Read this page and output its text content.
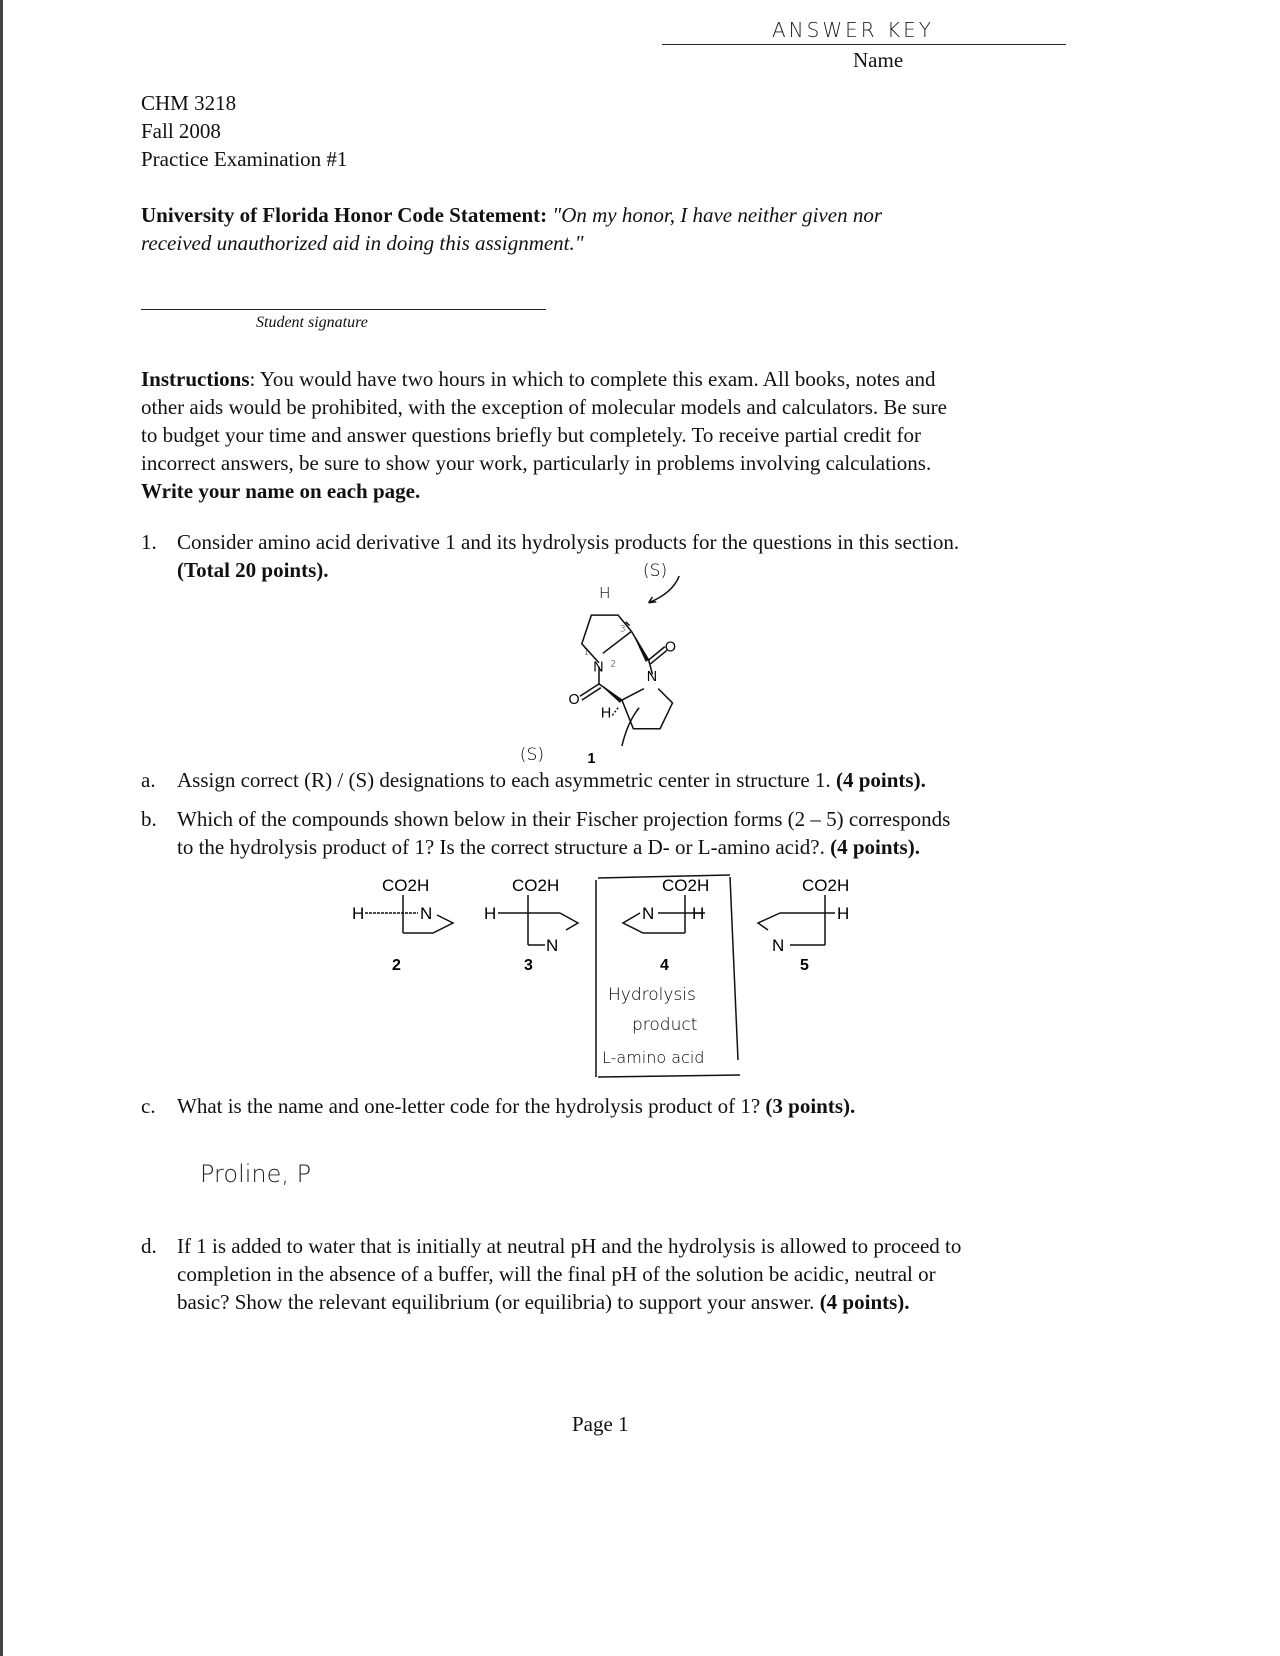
ANSWER KEY
Name
CHM 3218
Fall 2008
Practice Examination #1
University of Florida Honor Code Statement: "On my honor, I have neither given nor
received unauthorized aid in doing this assignment."
Student signature
Instructions: You would have two hours in which to complete this exam. All books, notes and
other aids would be prohibited, with the exception of molecular models and calculators. Be sure
to budget your time and answer questions briefly but completely. To receive partial credit for
incorrect answers, be sure to show your work, particularly in problems involving calculations.
Write your name on each page.
1. Consider amino acid derivative 1 and its hydrolysis products for the questions in this section.
(Total 20 points).
N
N
O
O
H
H
(S)
(S)
1
2
3
1
a. Assign correct (R) / (S) designations to each asymmetric center in structure 1. (4 points).
b. Which of the compounds shown below in their Fischer projection forms (2 – 5) corresponds
to the hydrolysis product of 1? Is the correct structure a D- or L-amino acid?. (4 points).
CO2H
H	N
2
CO2H
H
N
3
CO2H
N H
4
CO2H
N
H
5
Hydrolysis
product
L-amino acid
c. What is the name and one-letter code for the hydrolysis product of 1? (3 points).
Proline, P
d. If 1 is added to water that is initially at neutral pH and the hydrolysis is allowed to proceed to
completion in the absence of a buffer, will the final pH of the solution be acidic, neutral or
basic? Show the relevant equilibrium (or equilibria) to support your answer. (4 points).
Page 1
